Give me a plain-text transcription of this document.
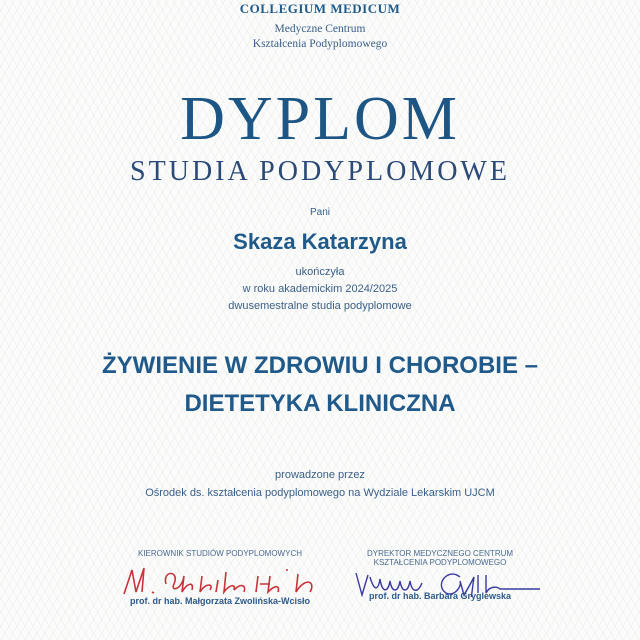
COLLEGIUM MEDICUM
Medyczne Centrum
Kształcenia Podyplomowego
DYPLOM
STUDIA PODYPLOMOWE
Pani
Skaza Katarzyna
ukończyła
w roku akademickim 2024/2025
dwusemestralne studia podyplomowe
ŻYWIENIE W ZDROWIU I CHOROBIE –
DIETETYKA KLINICZNA
prowadzone przez
Ośrodek ds. kształcenia podyplomowego na Wydziale Lekarskim UJCM
KIEROWNIK STUDIÓW PODYPLOMOWYCH
prof. dr hab. Małgorzata Zwolińska-Wcisło
DYREKTOR MEDYCZNEGO CENTRUM
KSZTAŁCENIA PODYPLOMOWEGO
prof. dr hab. Barbara Gryglewska
